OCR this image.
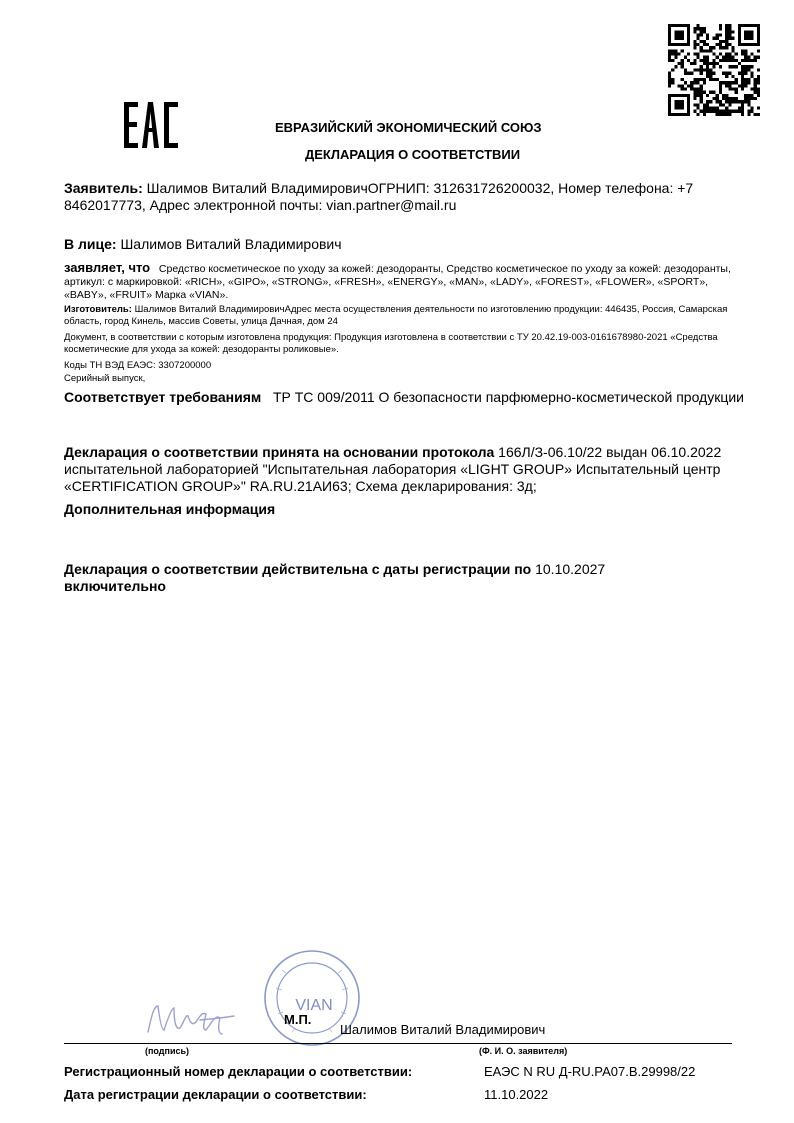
ЕВРАЗИЙСКИЙ ЭКОНОМИЧЕСКИЙ СОЮЗ
ДЕКЛАРАЦИЯ О СООТВЕТСТВИИ
Заявитель: Шалимов Виталий ВладимировичОГРНИП: 312631726200032, Номер телефона: +7 8462017773, Адрес электронной почты: vian.partner@mail.ru
В лице: Шалимов Виталий Владимирович
заявляет, что Средство косметическое по уходу за кожей: дезодоранты, Средство косметическое по уходу за кожей: дезодоранты, артикул: с маркировкой: «RICH», «GIPO», «STRONG», «FRESH», «ENERGY», «MAN», «LADY», «FOREST», «FLOWER», «SPORT», «BABY», «FRUIT» Марка «VIAN».
Изготовитель: Шалимов Виталий ВладимировичАдрес места осуществления деятельности по изготовлению продукции: 446435, Россия, Самарская область, город Кинель, массив Советы, улица Дачная, дом 24
Документ, в соответствии с которым изготовлена продукция: Продукция изготовлена в соответствии с ТУ 20.42.19-003-0161678980-2021 «Средства косметические для ухода за кожей: дезодоранты роликовые».
Коды ТН ВЭД ЕАЭС: 3307200000
Серийный выпуск,
Соответствует требованиям ТР ТС 009/2011 О безопасности парфюмерно-косметической продукции
Декларация о соответствии принята на основании протокола 166Л/З-06.10/22 выдан 06.10.2022 испытательной лабораторией "Испытательная лаборатория «LIGHT GROUP» Испытательный центр «CERTIFICATION GROUP»" RA.RU.21АИ63; Схема декларирования: 3д;
Дополнительная информация
Декларация о соответствии действительна с даты регистрации по 10.10.2027
включительно
VIAN
М.П.
Шалимов Виталий Владимирович
(подпись)	(Ф. И. О. заявителя)
Регистрационный номер декларации о соответствии:	ЕАЭС N RU Д-RU.РА07.В.29998/22
Дата регистрации декларации о соответствии:	11.10.2022
